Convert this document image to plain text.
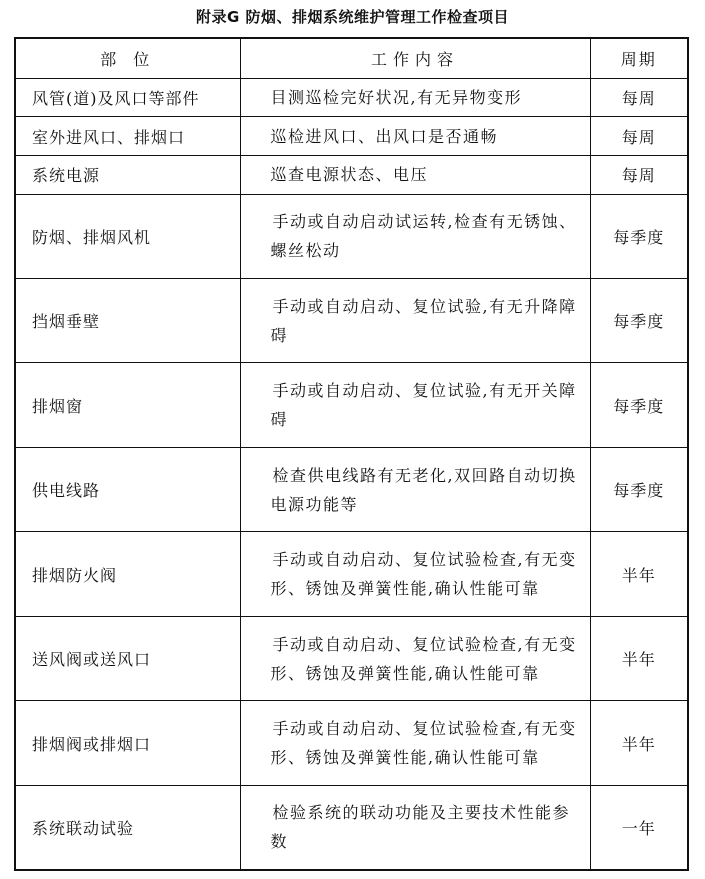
附录G 防烟、排烟系统维护管理工作检查项目
部 位	工作内容	周期
风管(道)及风口等部件	目测巡检完好状况,有无异物变形	每周
室外进风口、排烟口	巡检进风口、出风口是否通畅	每周
系统电源	巡查电源状态、电压	每周
防烟、排烟风机	手动或自动启动试运转,检查有无锈蚀、螺丝松动	每季度
挡烟垂壁	手动或自动启动、复位试验,有无升降障碍	每季度
排烟窗	手动或自动启动、复位试验,有无开关障碍	每季度
供电线路	检查供电线路有无老化,双回路自动切换电源功能等	每季度
排烟防火阀	手动或自动启动、复位试验检查,有无变形、锈蚀及弹簧性能,确认性能可靠	半年
送风阀或送风口	手动或自动启动、复位试验检查,有无变形、锈蚀及弹簧性能,确认性能可靠	半年
排烟阀或排烟口	手动或自动启动、复位试验检查,有无变形、锈蚀及弹簧性能,确认性能可靠	半年
系统联动试验	检验系统的联动功能及主要技术性能参数	一年
